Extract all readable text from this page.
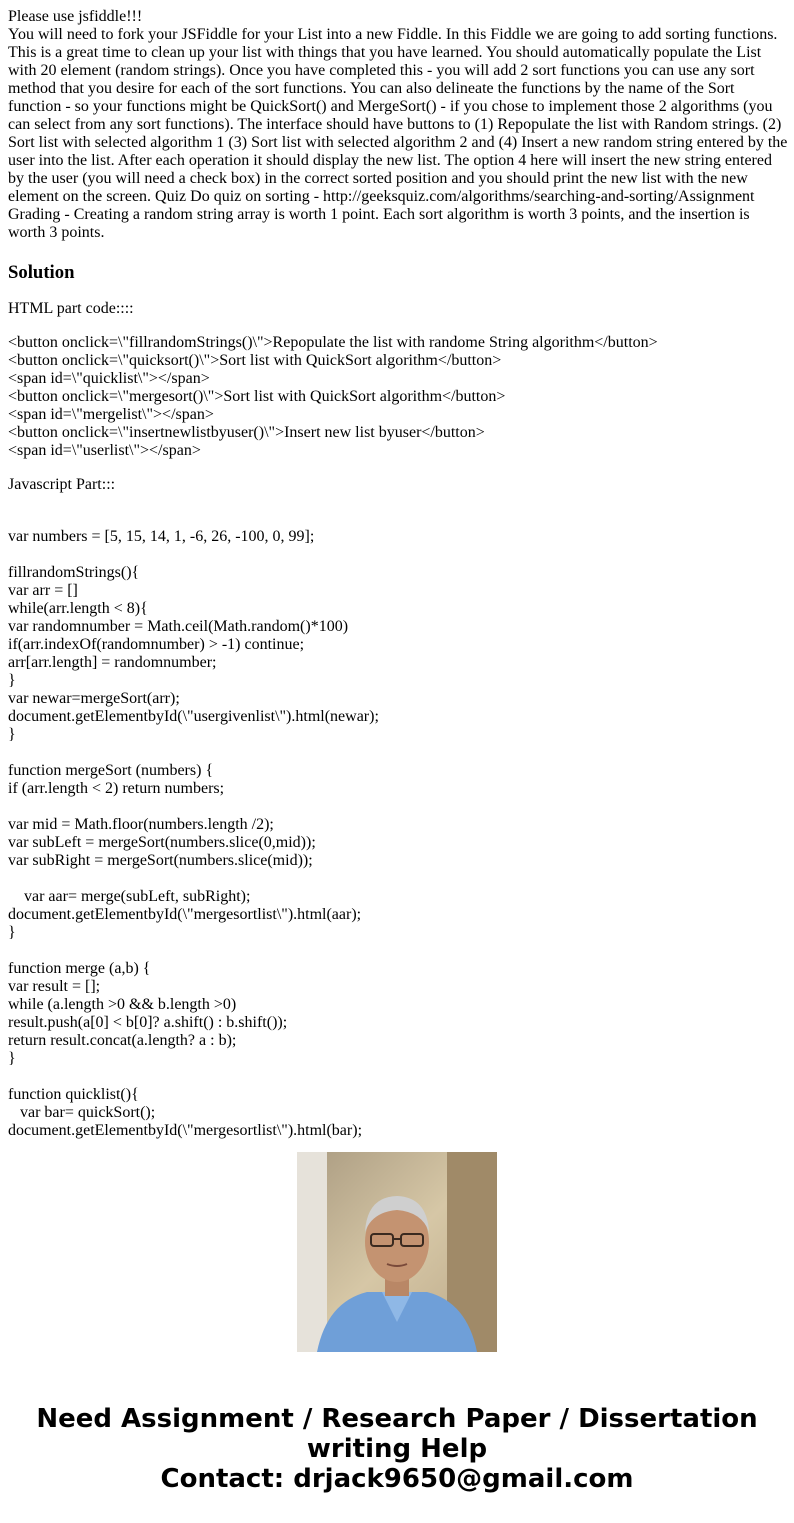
Please use jsfiddle!!!

You will need to fork your JSFiddle for your List into a new Fiddle. In this Fiddle we are going to add sorting functions. This is a great time to clean up your list with things that you have learned. You should automatically populate the List with 20 element (random strings). Once you have completed this - you will add 2 sort functions you can use any sort method that you desire for each of the sort functions. You can also delineate the functions by the name of the Sort function - so your functions might be QuickSort() and MergeSort() - if you chose to implement those 2 algorithms (you can select from any sort functions). The interface should have buttons to (1) Repopulate the list with Random strings. (2) Sort list with selected algorithm 1 (3) Sort list with selected algorithm 2 and (4) Insert a new random string entered by the user into the list. After each operation it should display the new list. The option 4 here will insert the new string entered by the user (you will need a check box) in the correct sorted position and you should print the new list with the new element on the screen. Quiz Do quiz on sorting - http://geeksquiz.com/algorithms/searching-and-sorting/Assignment Grading - Creating a random string array is worth 1 point. Each sort algorithm is worth 3 points, and the insertion is worth 3 points.

Solution

HTML part code::::

<button onclick=\"fillrandomStrings()\">Repopulate the list with randome String algorithm</button>
<button onclick=\"quicksort()\">Sort list with QuickSort algorithm</button>
<span id=\"quicklist\"></span>
<button onclick=\"mergesort()\">Sort list with QuickSort algorithm</button>
<span id=\"mergelist\"></span>
<button onclick=\"insertnewlistbyuser()\">Insert new list byuser</button>
<span id=\"userlist\"></span>

Javascript Part:::

var numbers = [5, 15, 14, 1, -6, 26, -100, 0, 99];
fillrandomStrings(){
var arr = []
while(arr.length < 8){
var randomnumber = Math.ceil(Math.random()*100)
if(arr.indexOf(randomnumber) > -1) continue;
arr[arr.length] = randomnumber;
}
var newar=mergeSort(arr);
document.getElementbyId(\"usergivenlist\").html(newar);
}
function mergeSort (numbers) {
if (arr.length < 2) return numbers;
var mid = Math.floor(numbers.length /2);
var subLeft = mergeSort(numbers.slice(0,mid));
var subRight = mergeSort(numbers.slice(mid));
var aar= merge(subLeft, subRight);
document.getElementbyId(\"mergesortlist\").html(aar);
}
function merge (a,b) {
var result = [];
while (a.length >0 && b.length >0)
result.push(a[0] < b[0]? a.shift() : b.shift());
return result.concat(a.length? a : b);
}
function quicklist(){
var bar= quickSort();
document.getElementbyId(\"mergesortlist\").html(bar);
Need Assignment / Research Paper / Dissertation
writing Help
Contact: drjack9650@gmail.com
